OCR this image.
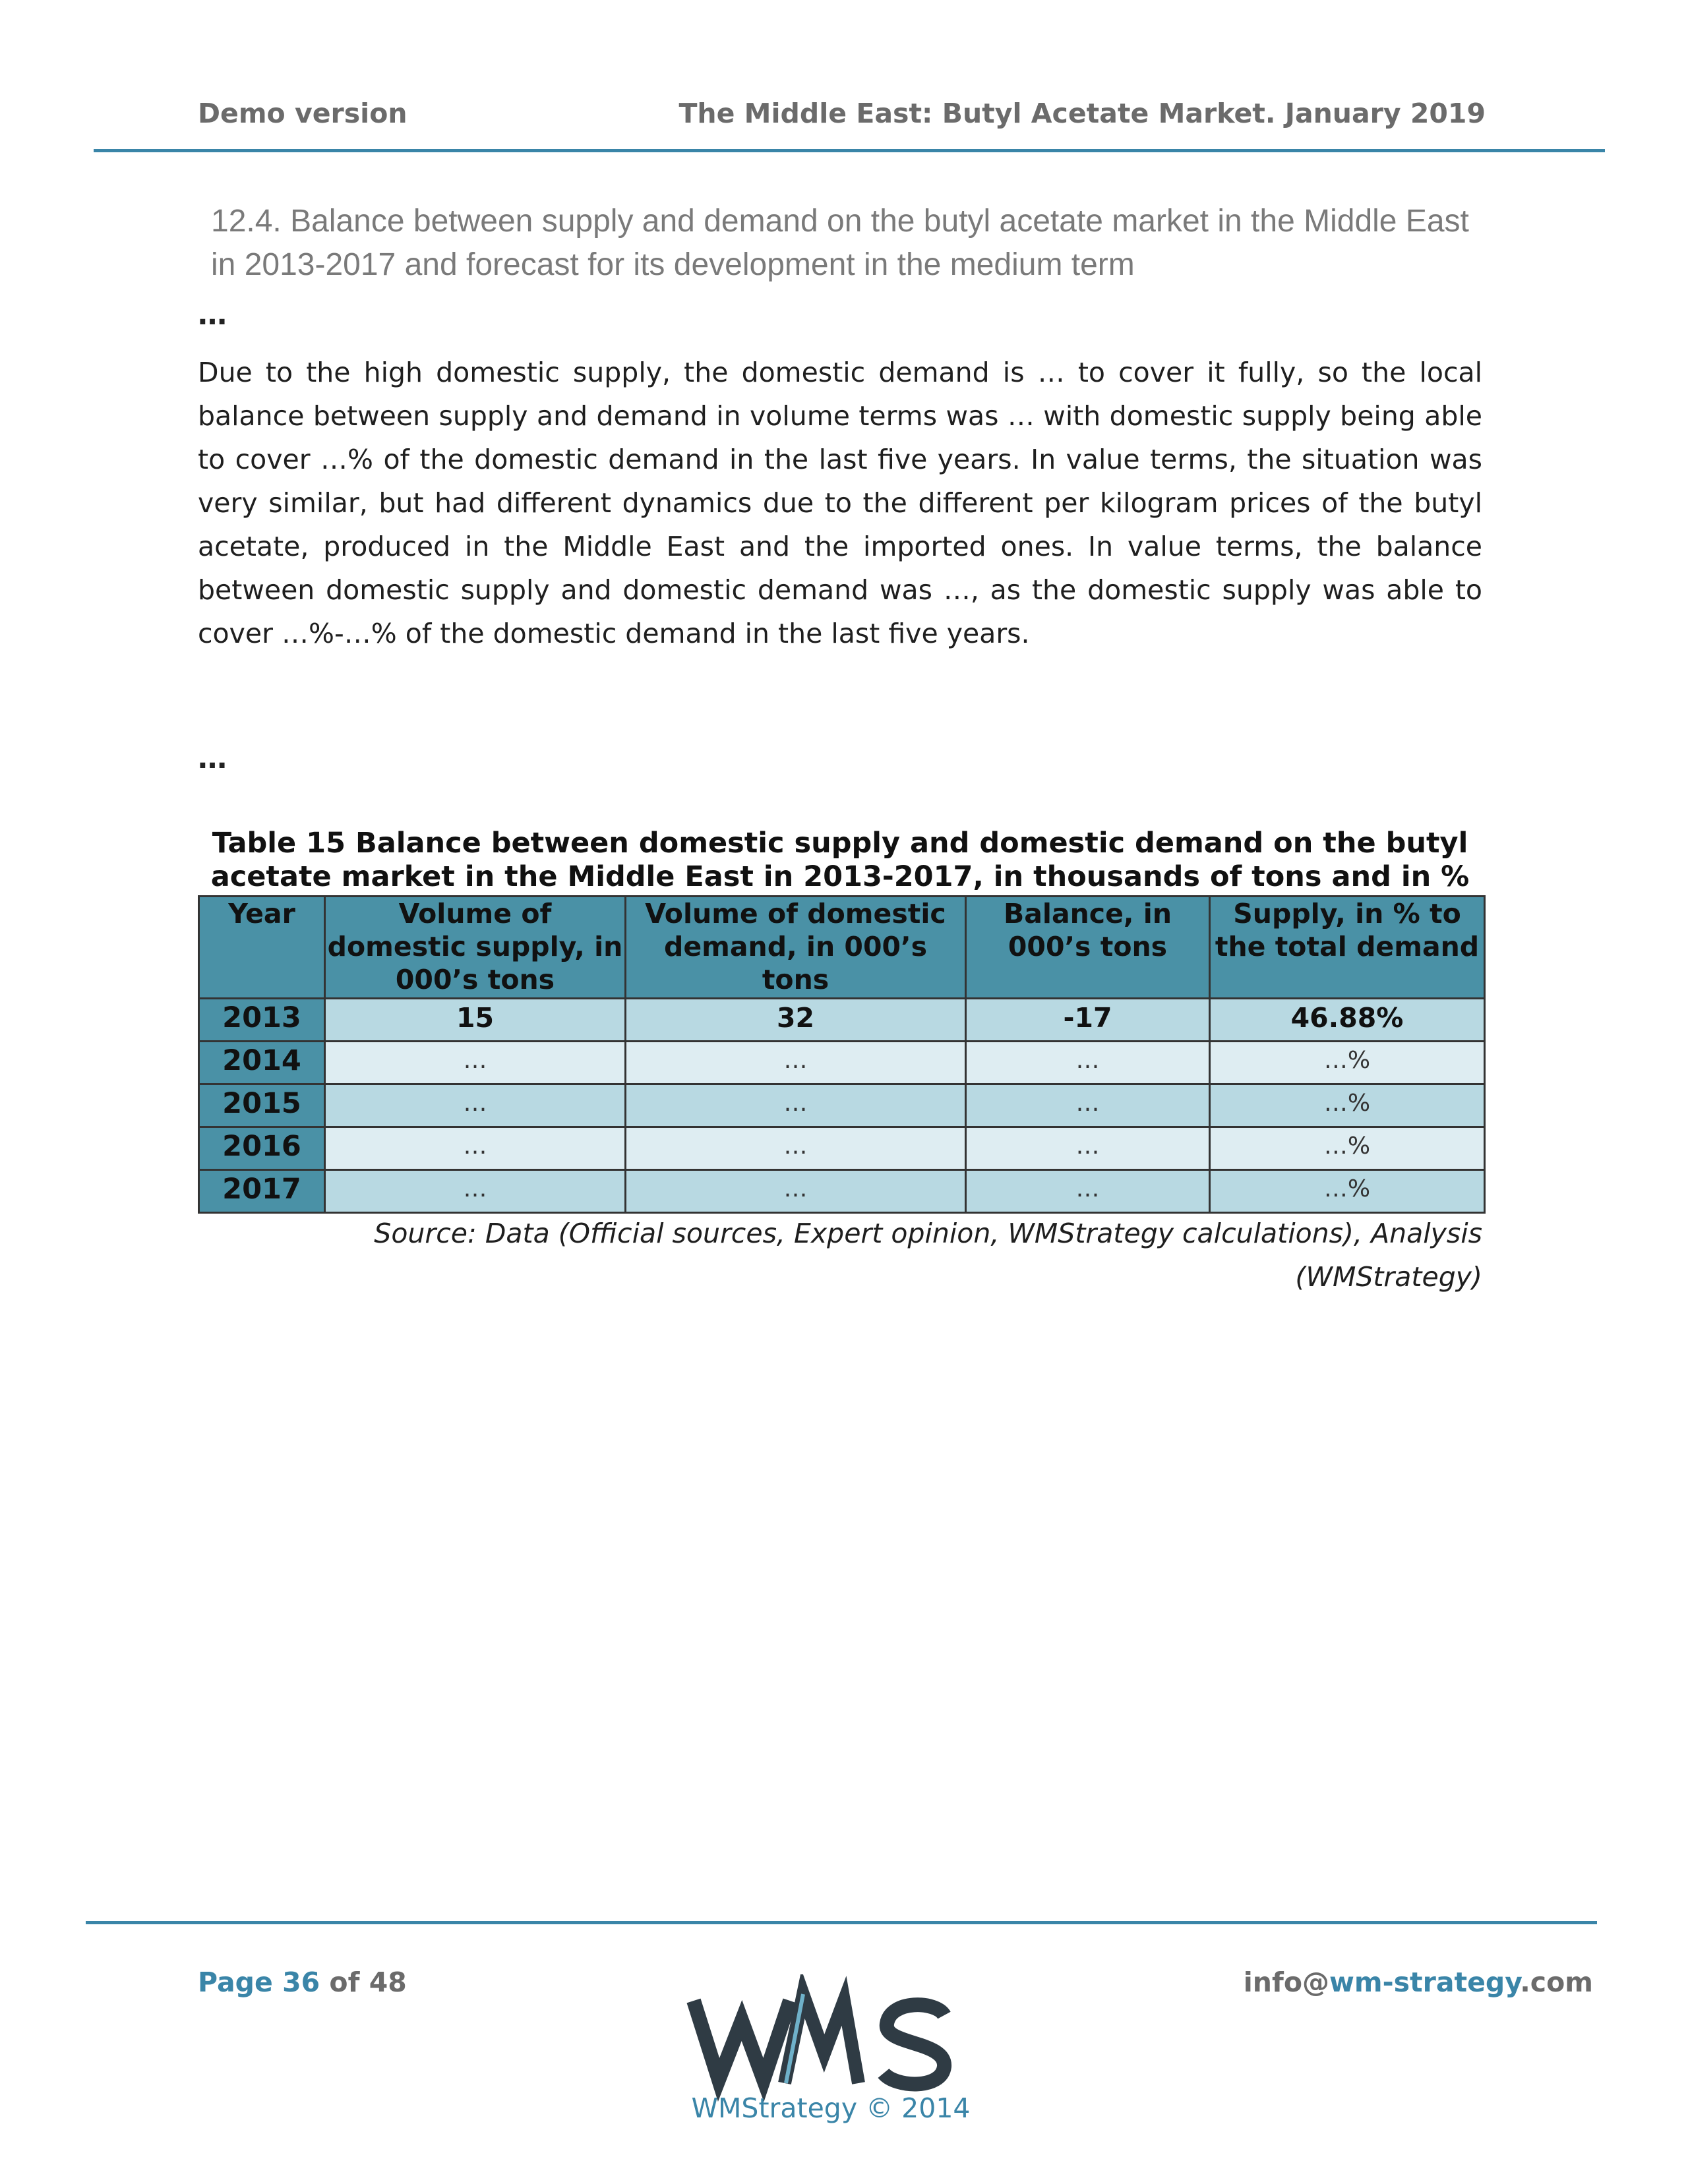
Demo version	The Middle East: Butyl Acetate Market. January 2019
12.4. Balance between supply and demand on the butyl acetate market in the Middle East in 2013-2017 and forecast for its development in the medium term
…
Due to the high domestic supply, the domestic demand is … to cover it fully, so the local balance between supply and demand in volume terms was … with domestic supply being able to cover …% of the domestic demand in the last five years. In value terms, the situation was very similar, but had different dynamics due to the different per kilogram prices of the butyl acetate, produced in the Middle East and the imported ones. In value terms, the balance between domestic supply and domestic demand was …, as the domestic supply was able to cover …%-…% of the domestic demand in the last five years.
…
Table 15 Balance between domestic supply and domestic demand on the butyl acetate market in the Middle East in 2013-2017, in thousands of tons and in %
Year	Volume of domestic supply, in 000’s tons	Volume of domestic demand, in 000’s tons	Balance, in 000’s tons	Supply, in % to the total demand
2013	15	32	-17	46.88%
2014	…	…	…	…%
2015	…	…	…	…%
2016	…	…	…	…%
2017	…	…	…	…%
Source: Data (Official sources, Expert opinion, WMStrategy calculations), Analysis (WMStrategy)
Page 36 of 48	info@wm-strategy.com
WMStrategy © 2014
